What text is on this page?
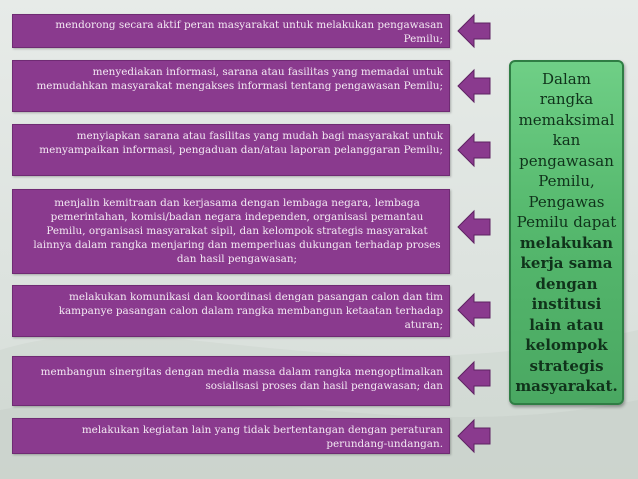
mendorong secara aktif peran masyarakat untuk melakukan pengawasan Pemilu;
menyediakan informasi, sarana atau fasilitas yang memadai untuk memudahkan masyarakat mengakses informasi tentang pengawasan Pemilu;
menyiapkan sarana atau fasilitas yang mudah bagi masyarakat untuk menyampaikan informasi, pengaduan dan/atau laporan pelanggaran Pemilu;
menjalin kemitraan dan kerjasama dengan lembaga negara, lembaga pemerintahan, komisi/badan negara independen, organisasi pemantau Pemilu, organisasi masyarakat sipil, dan kelompok strategis masyarakat lainnya dalam rangka menjaring dan memperluas dukungan terhadap proses dan hasil pengawasan;
melakukan komunikasi dan koordinasi dengan pasangan calon dan tim kampanye pasangan calon dalam rangka membangun ketaatan terhadap aturan;
membangun sinergitas dengan media massa dalam rangka mengoptimalkan sosialisasi proses dan hasil pengawasan; dan
melakukan kegiatan lain yang tidak bertentangan dengan peraturan perundang-undangan.
Dalam rangka memaksimal kan pengawasan Pemilu, Pengawas Pemilu dapat
melakukan kerja sama dengan institusi lain atau kelompok strategis masyarakat.
